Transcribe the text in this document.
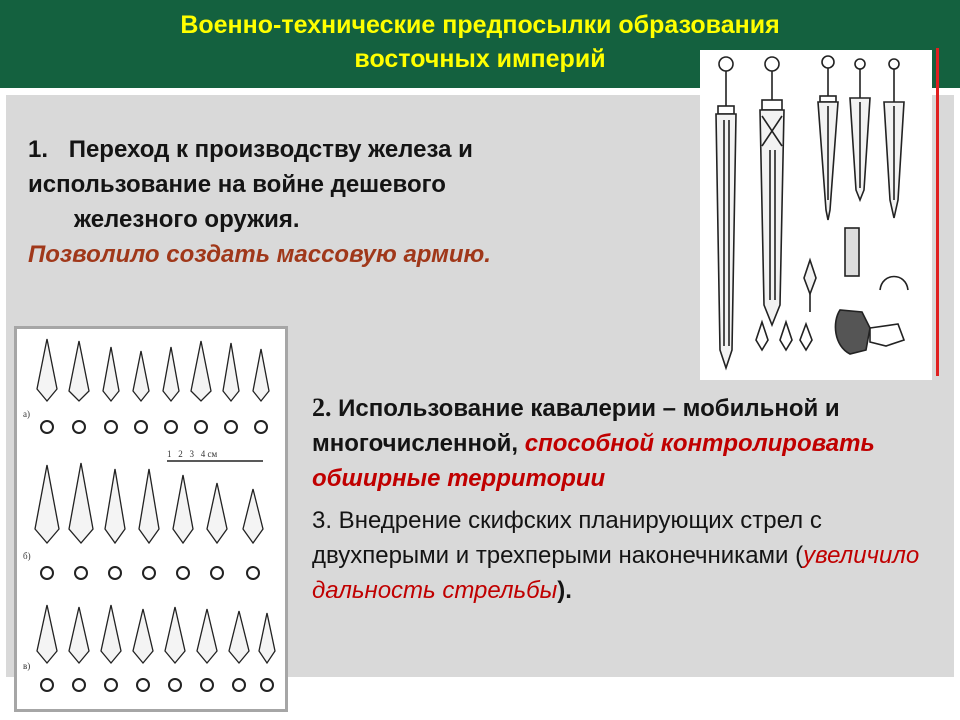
Военно-технические предпосылки образования
восточных империй
1. Переход к производству железа и
использование на войне дешевого
железного оружия.
Позволило создать массовую армию.
2. Использование кавалерии – мобильной и многочисленной, способной контролировать обширные территории
3. Внедрение скифских планирующих стрел с двухперыми и трехперыми наконечниками (увеличило дальность стрельбы).
а)
б)
в)
1   2   3   4 см
